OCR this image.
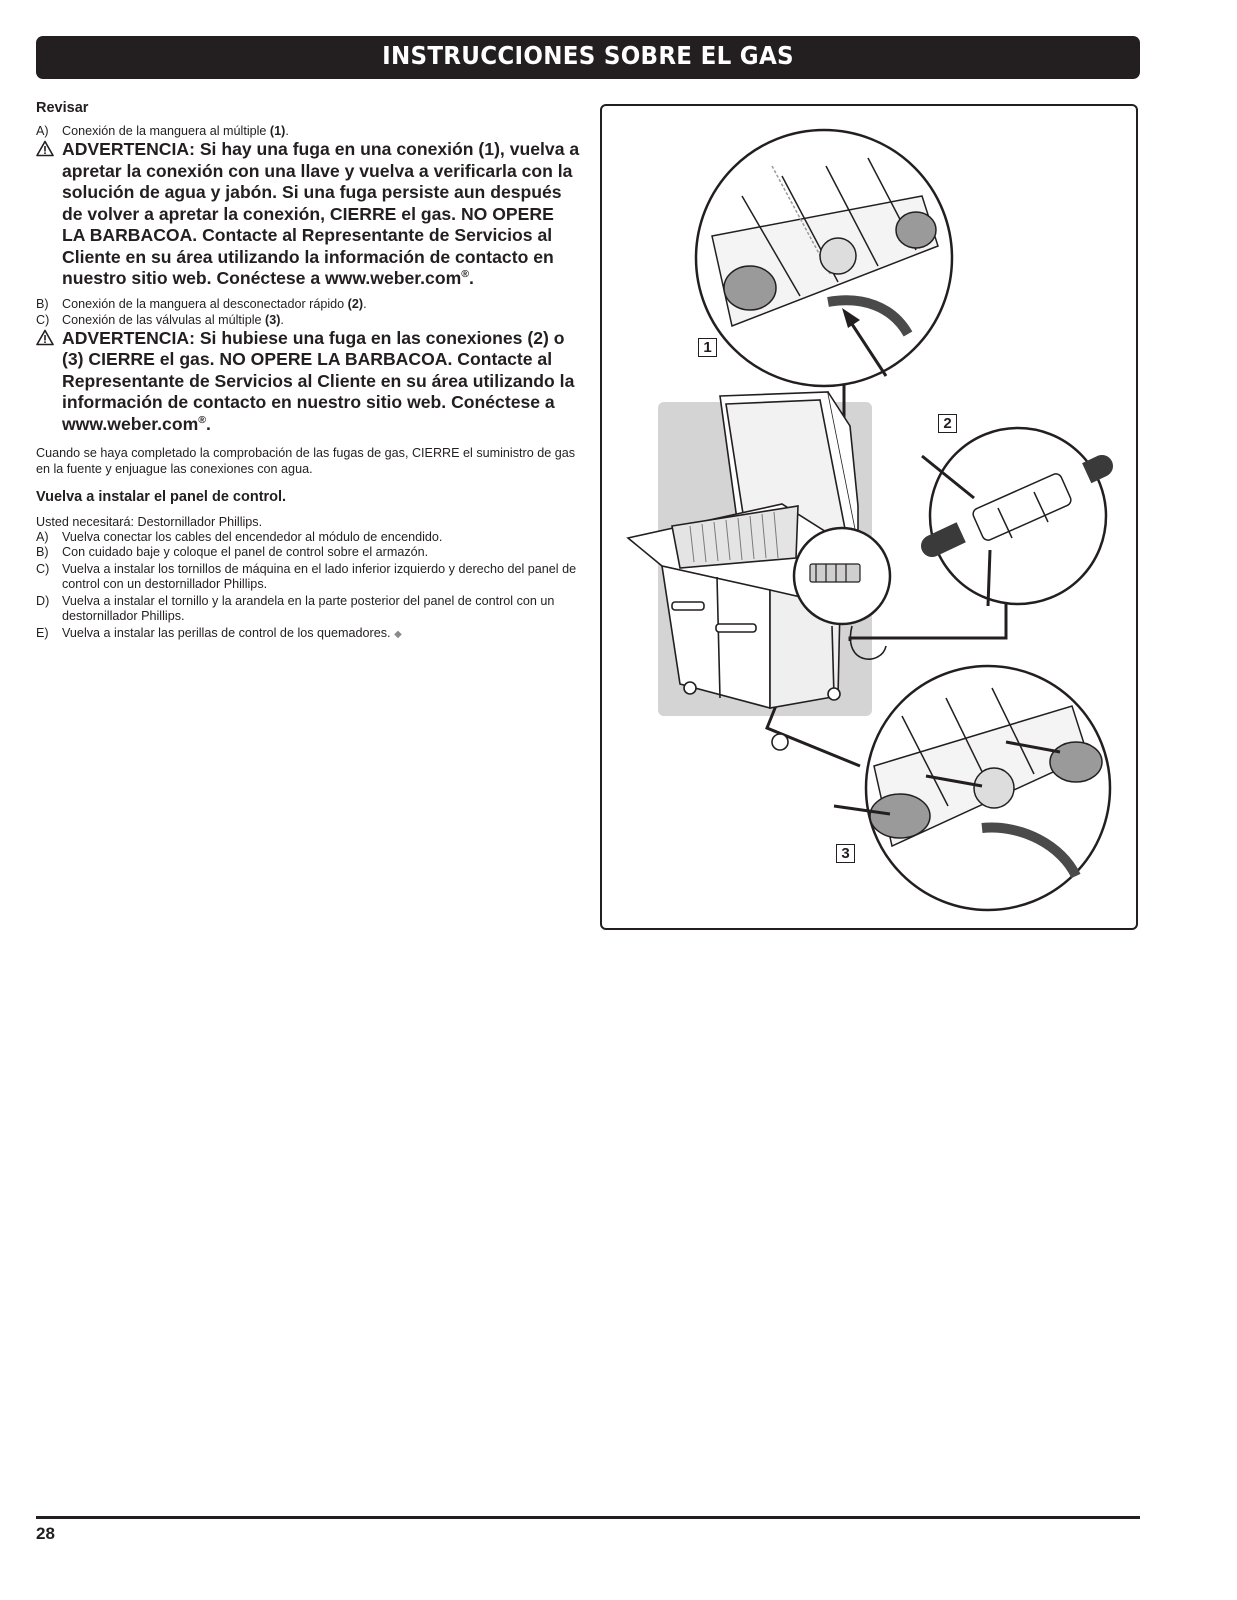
INSTRUCCIONES SOBRE EL GAS

Revisar

A)	Conexión de la manguera al múltiple (1).
ADVERTENCIA: Si hay una fuga en una conexión (1), vuelva a apretar la conexión con una llave y vuelva a verificarla con la solución de agua y jabón. Si una fuga persiste aun después de volver a apretar la conexión, CIERRE el gas. NO OPERE LA BARBACOA. Contacte al Representante de Servicios al Cliente en su área utilizando la información de contacto en nuestro sitio web. Conéctese a www.weber.com®.
B)	Conexión de la manguera al desconectador rápido (2).
C)	Conexión de las válvulas al múltiple (3).
ADVERTENCIA: Si hubiese una fuga en las conexiones (2) o (3) CIERRE el gas. NO OPERE LA BARBACOA. Contacte al Representante de Servicios al Cliente en su área utilizando la información de contacto en nuestro sitio web. Conéctese a www.weber.com®.

Cuando se haya completado la comprobación de las fugas de gas, CIERRE el suministro de gas en la fuente y enjuague las conexiones con agua.

Vuelva a instalar el panel de control.

Usted necesitará: Destornillador Phillips.

A)	Vuelva conectar los cables del encendedor al módulo de encendido.
B)	Con cuidado baje y coloque el panel de control sobre el armazón.
C)	Vuelva a instalar los tornillos de máquina en el lado inferior izquierdo y derecho del panel de control con un destornillador Phillips.
D)	Vuelva a instalar el tornillo y la arandela en la parte posterior del panel de control con un destornillador Phillips.
E)	Vuelva a instalar las perillas de control de los quemadores. ◆
1
2
3
28
